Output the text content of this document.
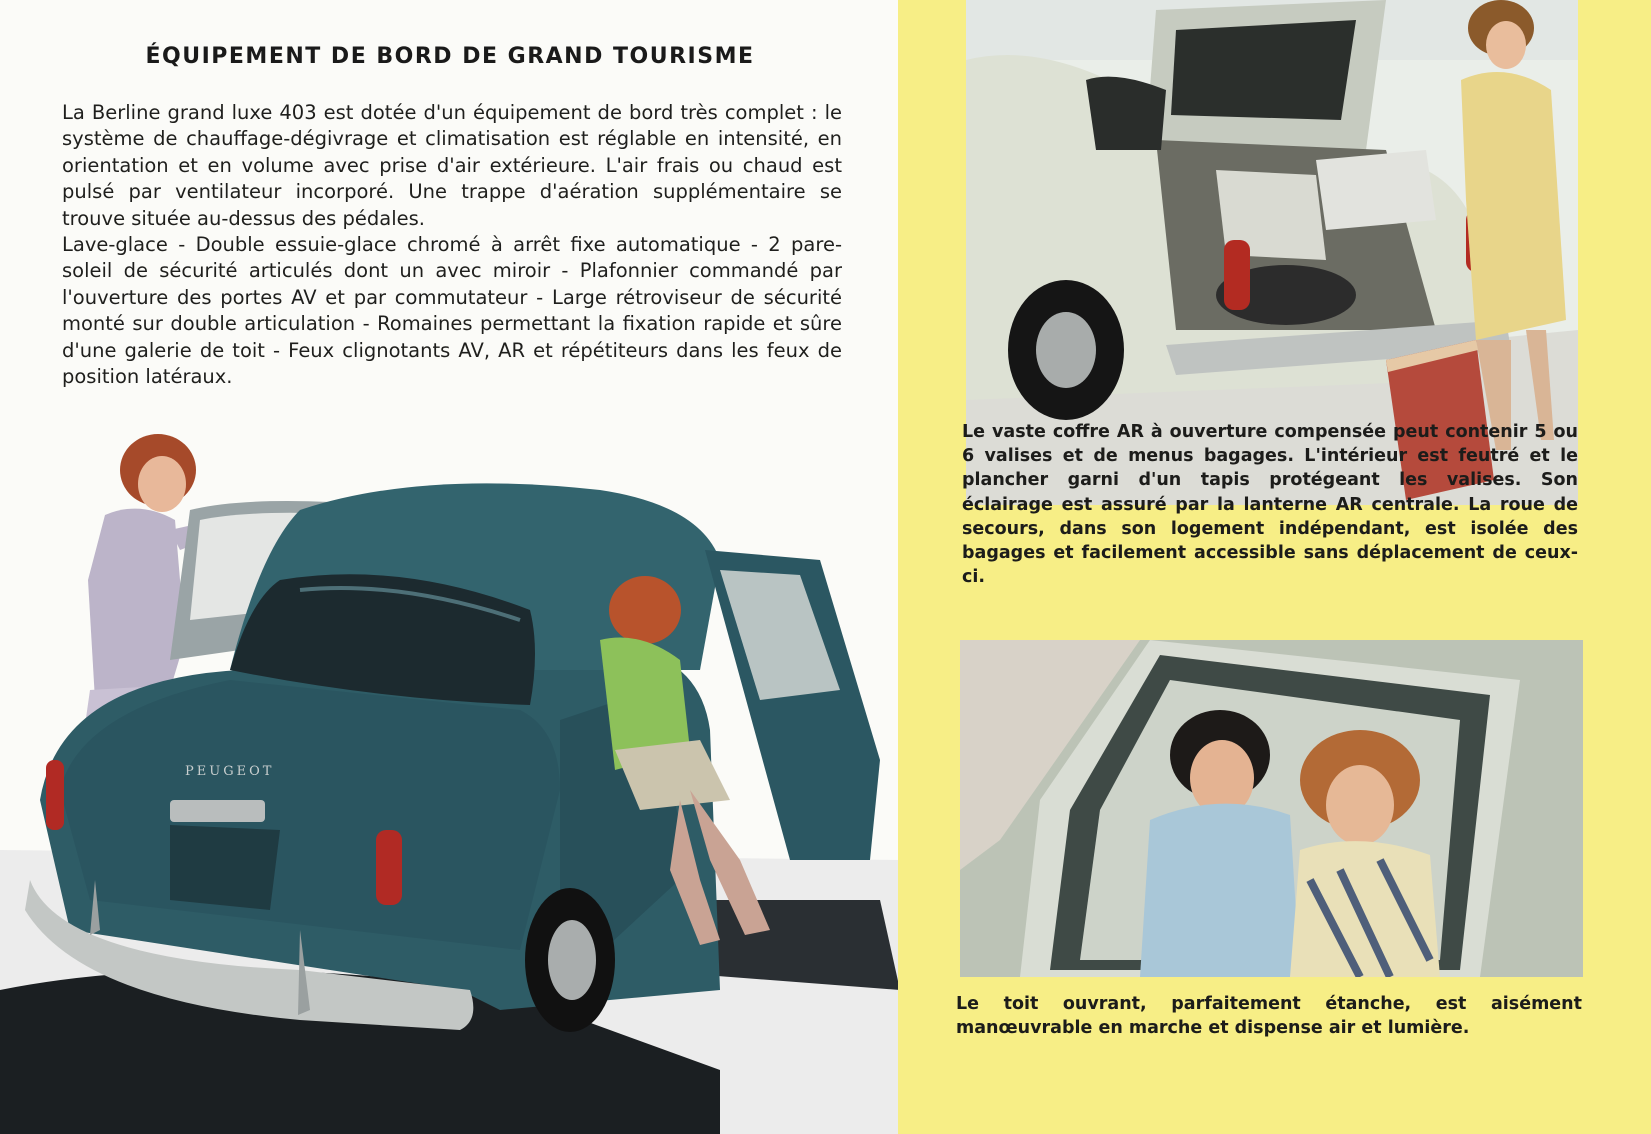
ÉQUIPEMENT DE BORD DE GRAND TOURISME

La Berline grand luxe 403 est dotée d'un équipement de bord très complet : le système de chauffage-dégivrage et climatisation est réglable en intensité, en orientation et en volume avec prise d'air extérieure. L'air frais ou chaud est pulsé par ventilateur incorporé. Une trappe d'aération supplémentaire se trouve située au-dessus des pédales.

Lave-glace - Double essuie-glace chromé à arrêt fixe automatique - 2 pare-soleil de sécurité articulés dont un avec miroir - Plafonnier commandé par l'ouverture des portes AV et par commutateur - Large rétroviseur de sécurité monté sur double articulation - Romaines permettant la fixation rapide et sûre d'une galerie de toit - Feux clignotants AV, AR et répétiteurs dans les feux de position latéraux.

PEUGEOT
Le vaste coffre AR à ouverture compensée peut contenir 5 ou 6 valises et de menus bagages. L'intérieur est feutré et le plancher garni d'un tapis protégeant les valises. Son éclairage est assuré par la lanterne AR centrale. La roue de secours, dans son logement indépendant, est isolée des bagages et facilement accessible sans déplacement de ceux-ci.
Le toit ouvrant, parfaitement étanche, est aisément manœuvrable en marche et dispense air et lumière.
